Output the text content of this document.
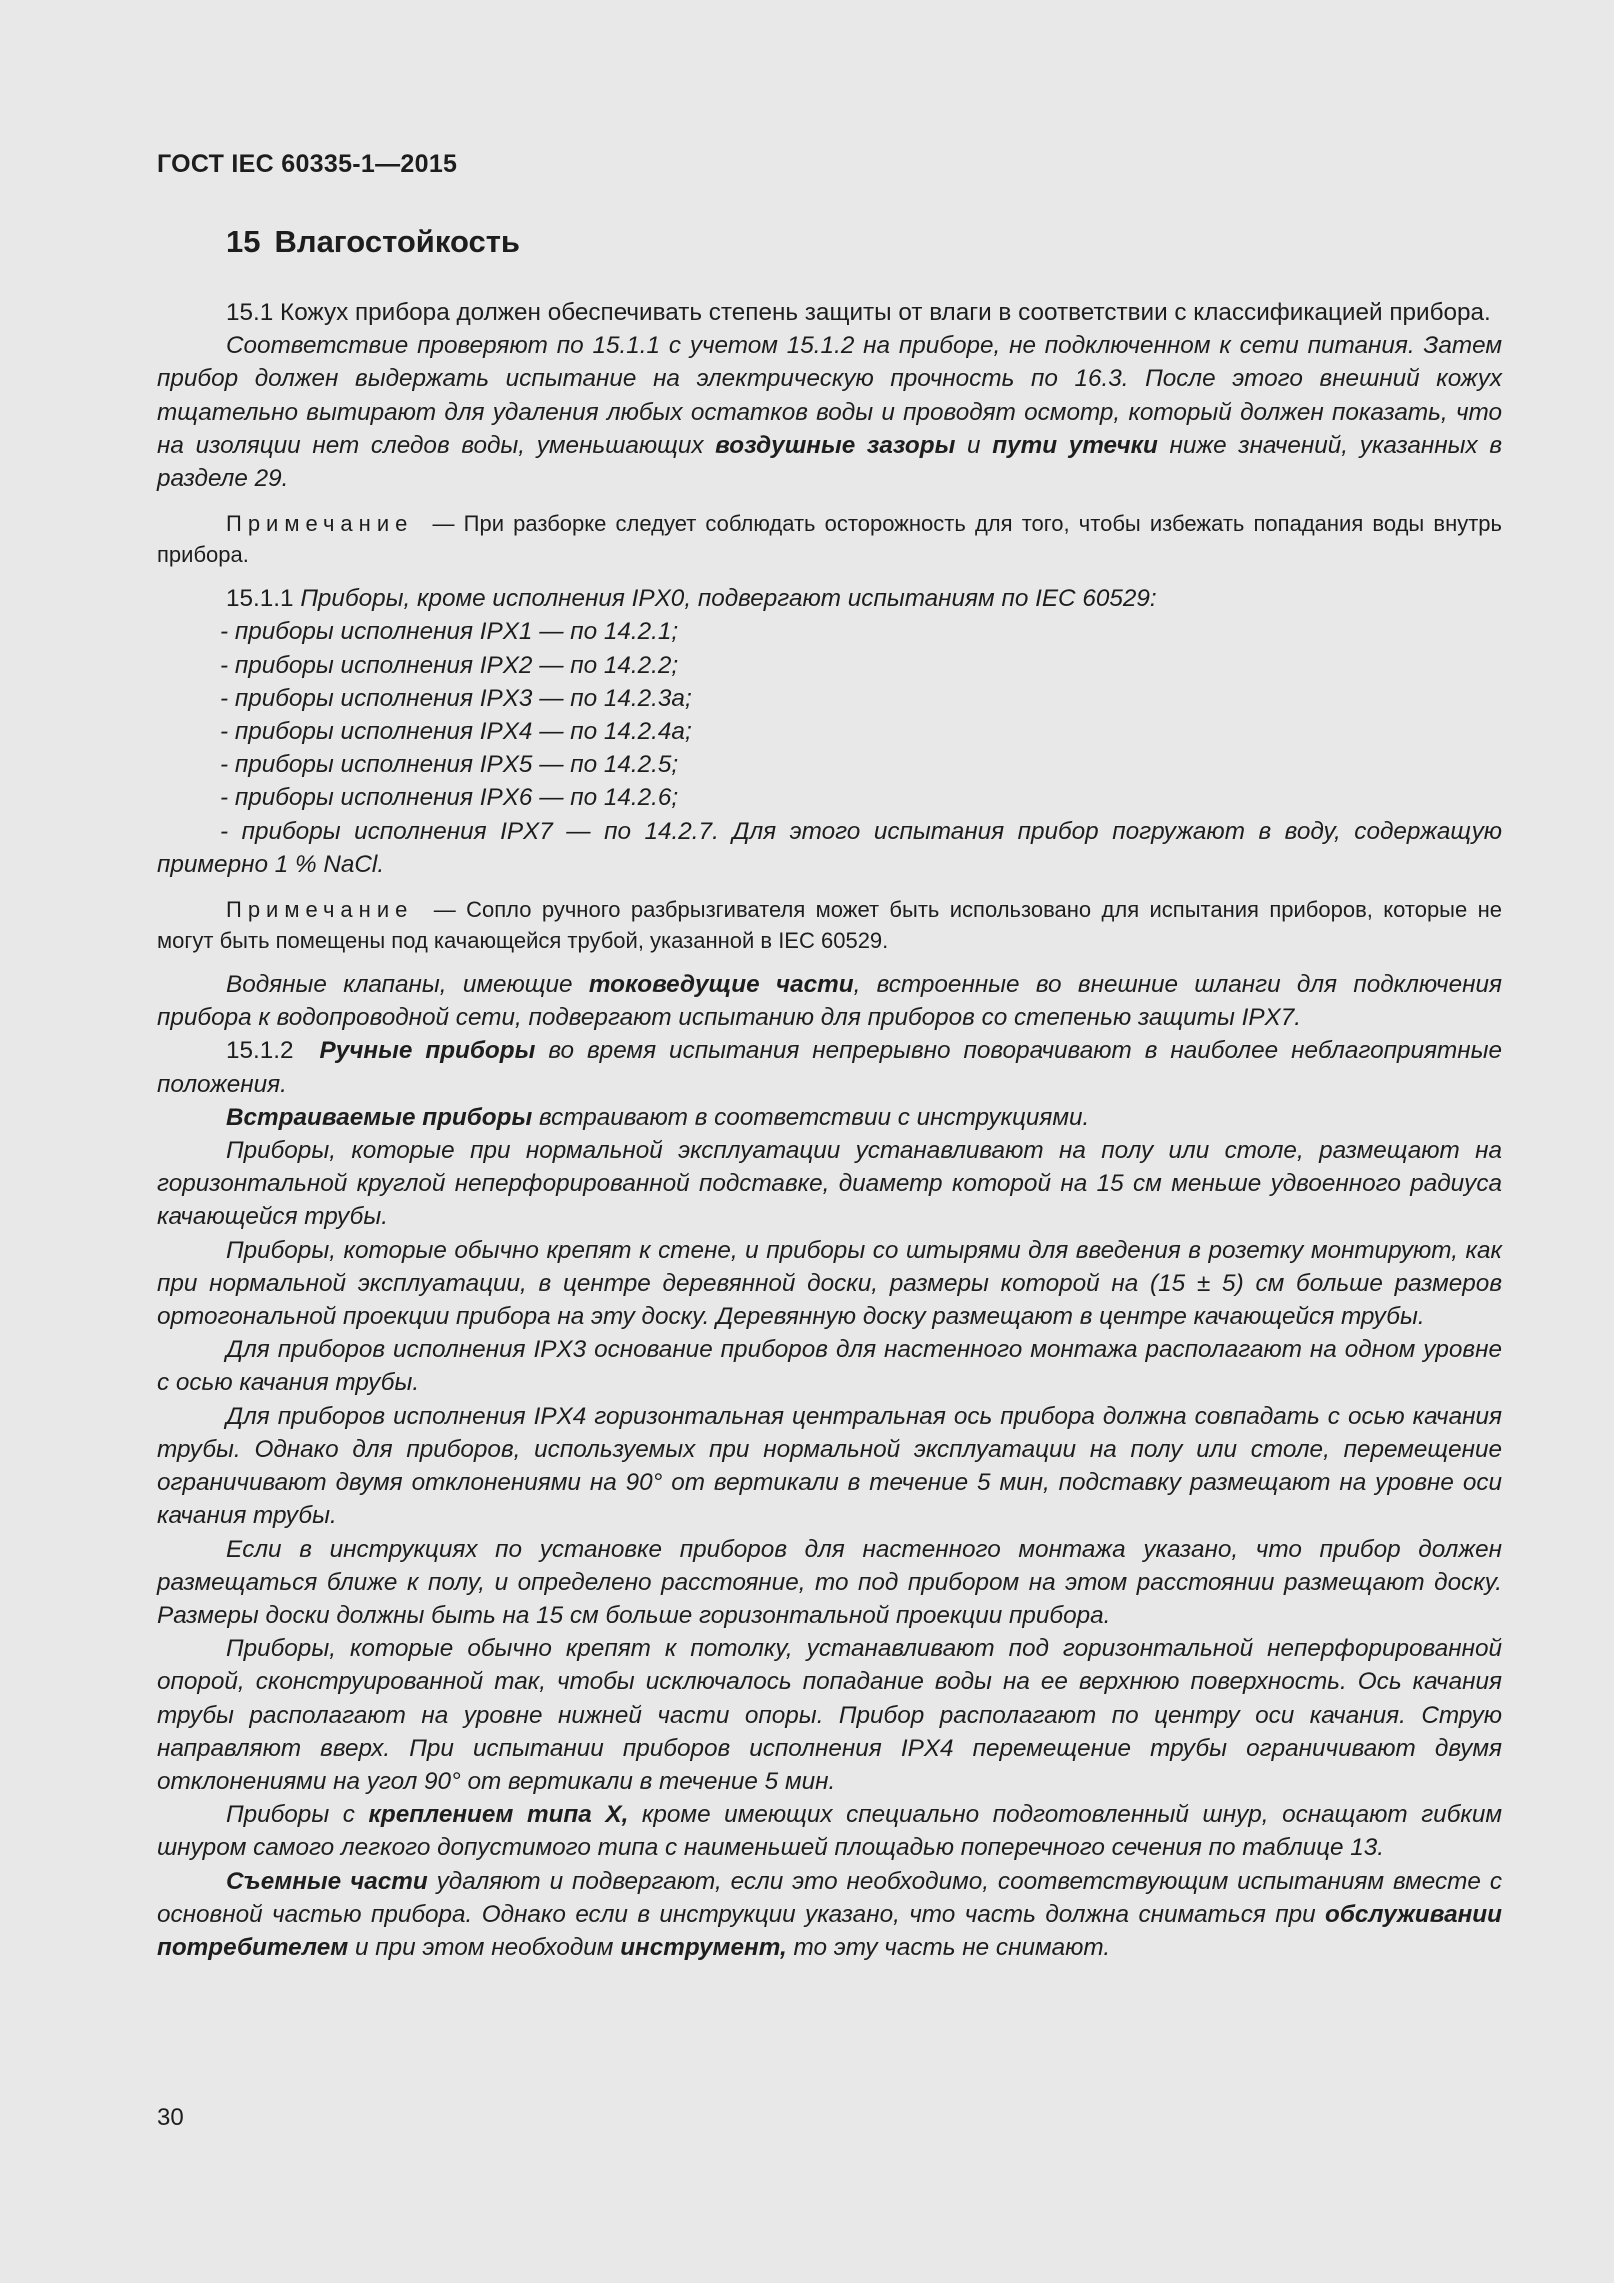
ГОСТ IEC 60335-1—2015
15 Влагостойкость

15.1 Кожух прибора должен обеспечивать степень защиты от влаги в соответствии с классификацией прибора.

Соответствие проверяют по 15.1.1 с учетом 15.1.2 на приборе, не подключенном к сети питания. Затем прибор должен выдержать испытание на электрическую прочность по 16.3. После этого внешний кожух тщательно вытирают для удаления любых остатков воды и проводят осмотр, который должен показать, что на изоляции нет следов воды, уменьшающих воздушные зазоры и пути утечки ниже значений, указанных в разделе 29.

Примечание — При разборке следует соблюдать осторожность для того, чтобы избежать попадания воды внутрь прибора.

15.1.1 Приборы, кроме исполнения IPX0, подвергают испытаниям по IEC 60529:

- приборы исполнения IPX1 — по 14.2.1;

- приборы исполнения IPX2 — по 14.2.2;

- приборы исполнения IPX3 — по 14.2.3а;

- приборы исполнения IPX4 — по 14.2.4а;

- приборы исполнения IPX5 — по 14.2.5;

- приборы исполнения IPX6 — по 14.2.6;

- приборы исполнения IPX7 — по 14.2.7. Для этого испытания прибор погружают в воду, содержащую примерно 1 % NaCl.

Примечание — Сопло ручного разбрызгивателя может быть использовано для испытания приборов, которые не могут быть помещены под качающейся трубой, указанной в IEC 60529.

Водяные клапаны, имеющие токоведущие части, встроенные во внешние шланги для подключения прибора к водопроводной сети, подвергают испытанию для приборов со степенью защиты IPX7.

15.1.2 Ручные приборы во время испытания непрерывно поворачивают в наиболее неблагоприятные положения.

Встраиваемые приборы встраивают в соответствии с инструкциями.

Приборы, которые при нормальной эксплуатации устанавливают на полу или столе, размещают на горизонтальной круглой неперфорированной подставке, диаметр которой на 15 см меньше удвоенного радиуса качающейся трубы.

Приборы, которые обычно крепят к стене, и приборы со штырями для введения в розетку монтируют, как при нормальной эксплуатации, в центре деревянной доски, размеры которой на (15 ± 5) см больше размеров ортогональной проекции прибора на эту доску. Деревянную доску размещают в центре качающейся трубы.

Для приборов исполнения IPX3 основание приборов для настенного монтажа располагают на одном уровне с осью качания трубы.

Для приборов исполнения IPX4 горизонтальная центральная ось прибора должна совпадать с осью качания трубы. Однако для приборов, используемых при нормальной эксплуатации на полу или столе, перемещение ограничивают двумя отклонениями на 90° от вертикали в течение 5 мин, подставку размещают на уровне оси качания трубы.

Если в инструкциях по установке приборов для настенного монтажа указано, что прибор должен размещаться ближе к полу, и определено расстояние, то под прибором на этом расстоянии размещают доску. Размеры доски должны быть на 15 см больше горизонтальной проекции прибора.

Приборы, которые обычно крепят к потолку, устанавливают под горизонтальной неперфорированной опорой, сконструированной так, чтобы исключалось попадание воды на ее верхнюю поверхность. Ось качания трубы располагают на уровне нижней части опоры. Прибор располагают по центру оси качания. Струю направляют вверх. При испытании приборов исполнения IPX4 перемещение трубы ограничивают двумя отклонениями на угол 90° от вертикали в течение 5 мин.

Приборы с креплением типа X, кроме имеющих специально подготовленный шнур, оснащают гибким шнуром самого легкого допустимого типа с наименьшей площадью поперечного сечения по таблице 13.

Съемные части удаляют и подвергают, если это необходимо, соответствующим испытаниям вместе с основной частью прибора. Однако если в инструкции указано, что часть должна сниматься при обслуживании потребителем и при этом необходим инструмент, то эту часть не снимают.

30
